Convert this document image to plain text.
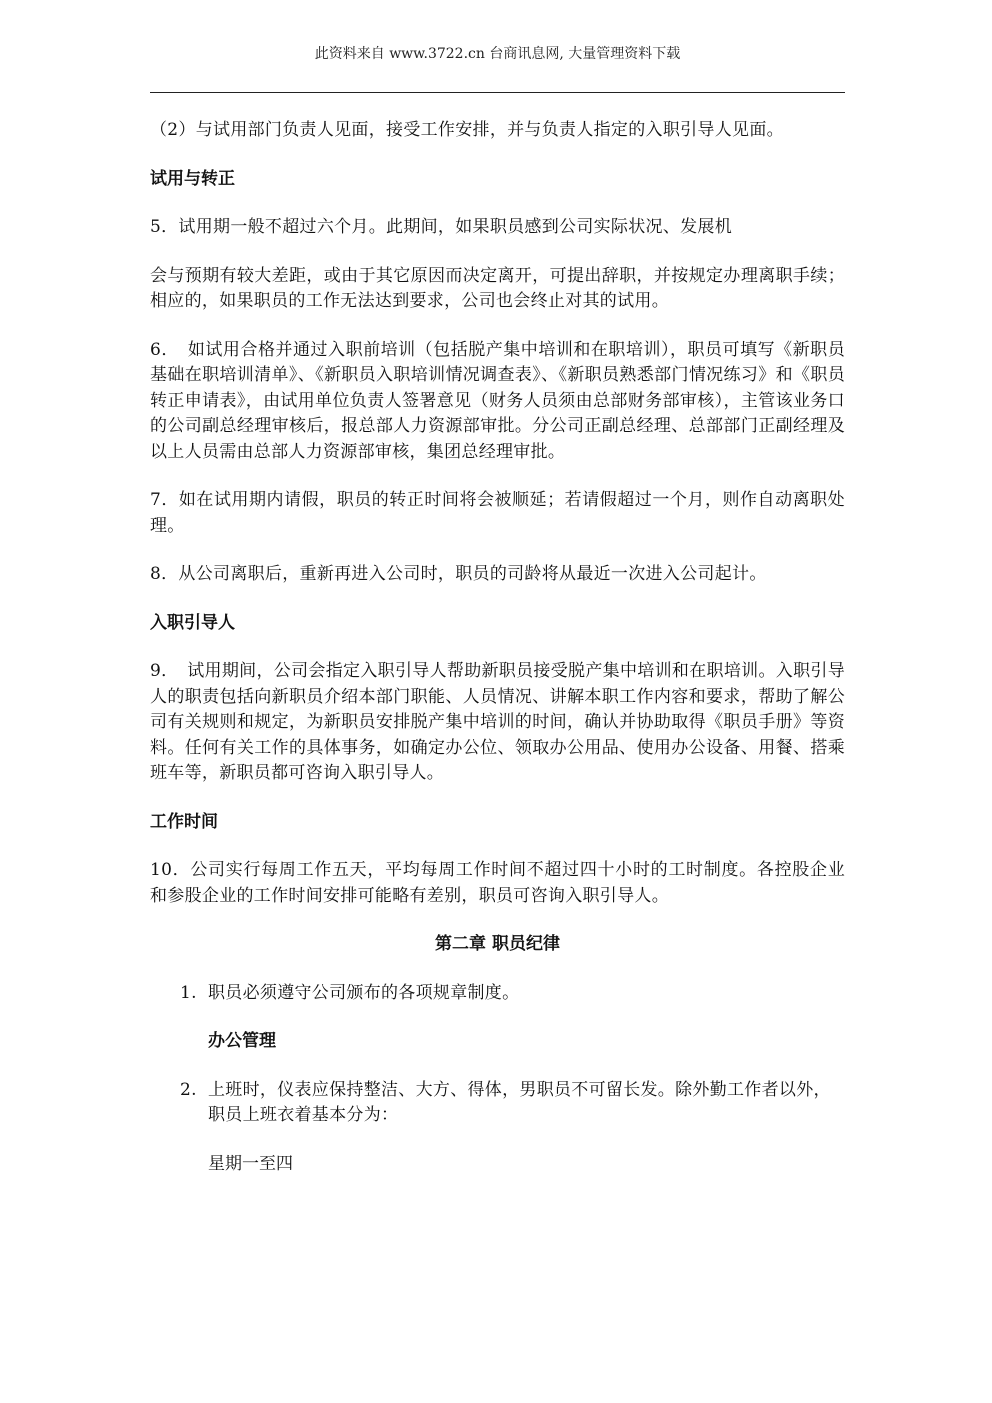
此资料来自 www.3722.cn 台商讯息网, 大量管理资料下载

（2）与试用部门负责人见面，接受工作安排，并与负责人指定的入职引导人见面。

试用与转正

5．试用期一般不超过六个月。此期间，如果职员感到公司实际状况、发展机

会与预期有较大差距，或由于其它原因而决定离开，可提出辞职，并按规定办理离职手续；相应的，如果职员的工作无法达到要求，公司也会终止对其的试用。

6．　如试用合格并通过入职前培训（包括脱产集中培训和在职培训），职员可填写《新职员基础在职培训清单》、《新职员入职培训情况调查表》、《新职员熟悉部门情况练习》和《职员转正申请表》，由试用单位负责人签署意见（财务人员须由总部财务部审核），主管该业务口的公司副总经理审核后，报总部人力资源部审批。分公司正副总经理、总部部门正副经理及以上人员需由总部人力资源部审核，集团总经理审批。

7．如在试用期内请假，职员的转正时间将会被顺延；若请假超过一个月，则作自动离职处理。

8．从公司离职后，重新再进入公司时，职员的司龄将从最近一次进入公司起计。

入职引导人

9．　试用期间，公司会指定入职引导人帮助新职员接受脱产集中培训和在职培训。入职引导人的职责包括向新职员介绍本部门职能、人员情况、讲解本职工作内容和要求，帮助了解公司有关规则和规定，为新职员安排脱产集中培训的时间，确认并协助取得《职员手册》等资料。任何有关工作的具体事务，如确定办公位、领取办公用品、使用办公设备、用餐、搭乘班车等，新职员都可咨询入职引导人。

工作时间

10．公司实行每周工作五天，平均每周工作时间不超过四十小时的工时制度。各控股企业和参股企业的工作时间安排可能略有差别，职员可咨询入职引导人。

第二章 职员纪律

1. 职员必须遵守公司颁布的各项规章制度。

办公管理

2. 上班时，仪表应保持整洁、大方、得体，男职员不可留长发。除外勤工作者以外，职员上班衣着基本分为：

星期一至四
